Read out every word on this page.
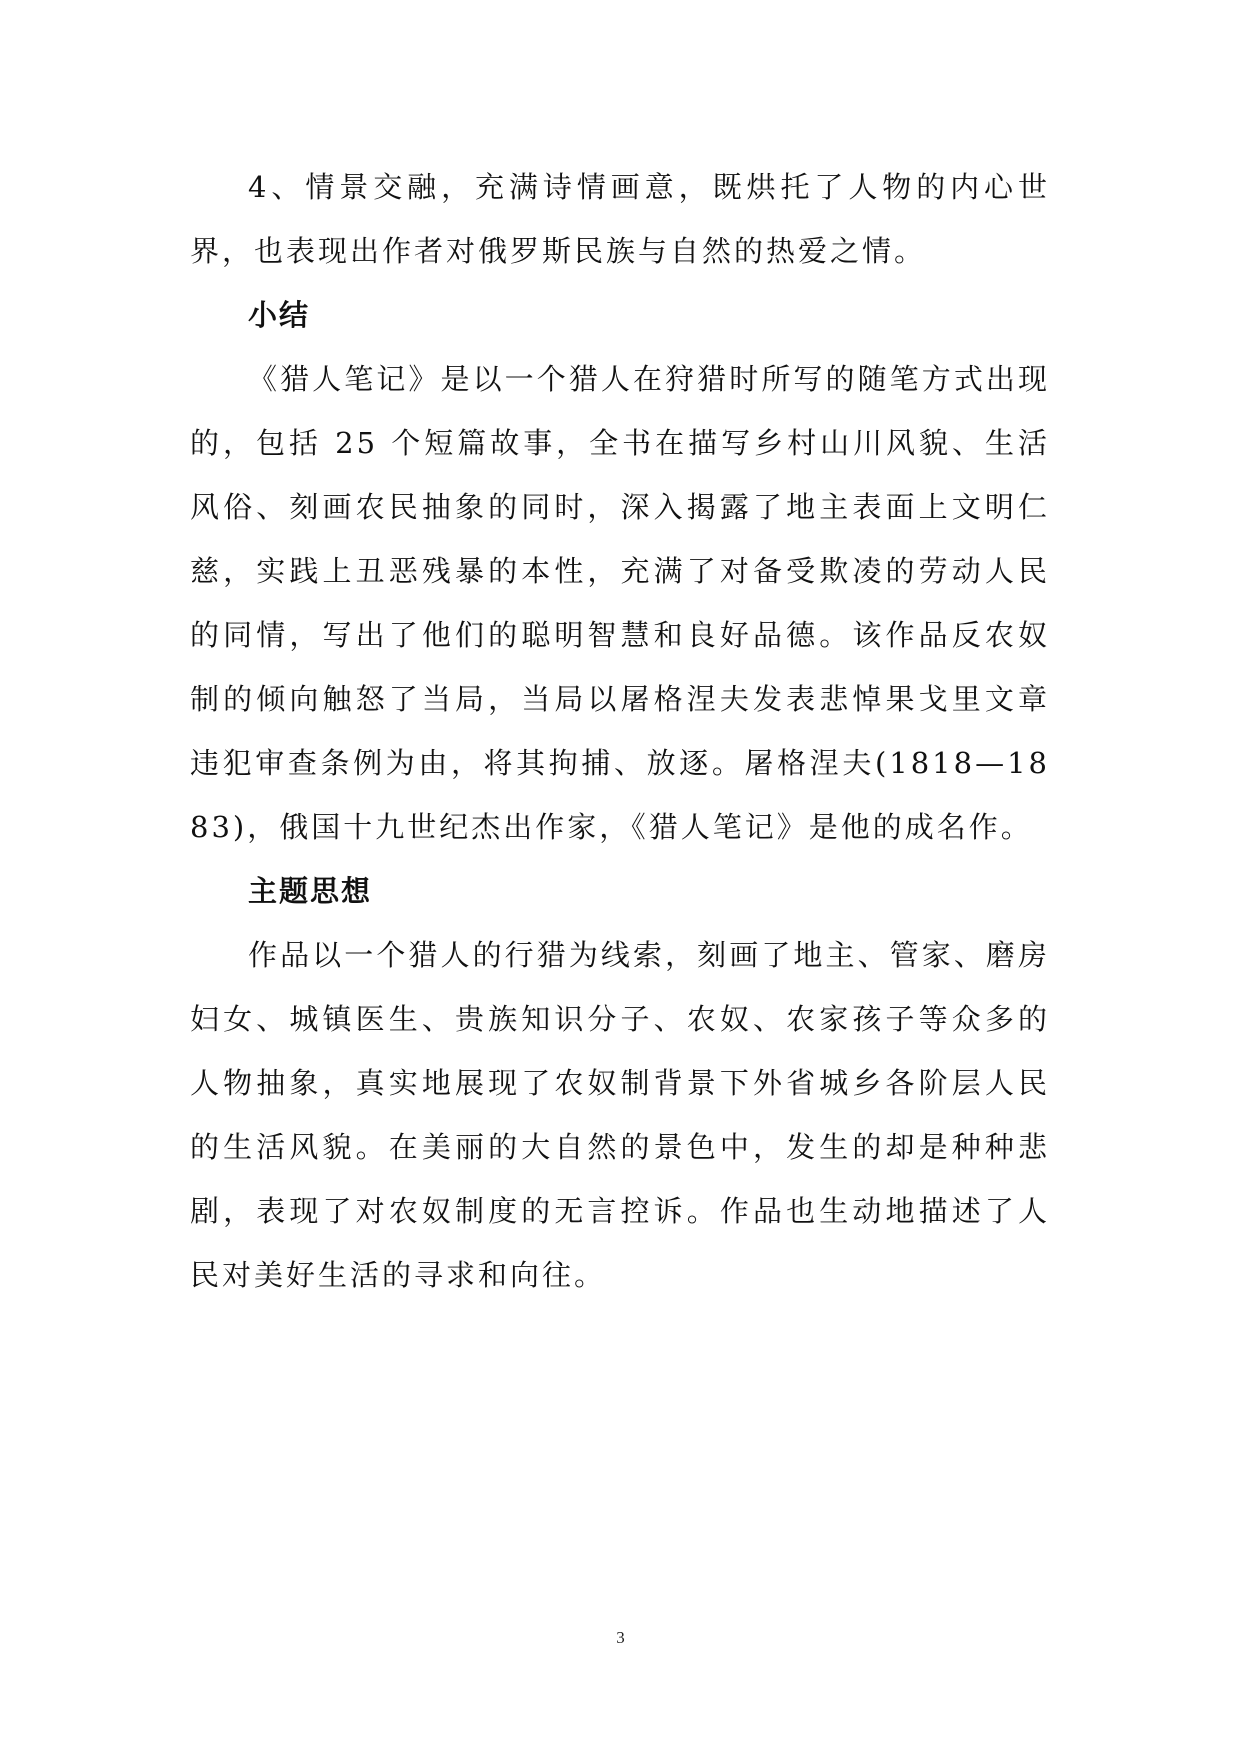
4、情景交融，充满诗情画意，既烘托了人物的内心世界，也表现出作者对俄罗斯民族与自然的热爱之情。

小结

《猎人笔记》是以一个猎人在狩猎时所写的随笔方式出现的，包括 25 个短篇故事，全书在描写乡村山川风貌、生活风俗、刻画农民抽象的同时，深入揭露了地主表面上文明仁慈，实践上丑恶残暴的本性，充满了对备受欺凌的劳动人民的同情，写出了他们的聪明智慧和良好品德。该作品反农奴制的倾向触怒了当局，当局以屠格涅夫发表悲悼果戈里文章违犯审查条例为由，将其拘捕、放逐。屠格涅夫(1818—1883)，俄国十九世纪杰出作家，《猎人笔记》是他的成名作。

主题思想

作品以一个猎人的行猎为线索，刻画了地主、管家、磨房妇女、城镇医生、贵族知识分子、农奴、农家孩子等众多的人物抽象，真实地展现了农奴制背景下外省城乡各阶层人民的生活风貌。在美丽的大自然的景色中，发生的却是种种悲剧，表现了对农奴制度的无言控诉。作品也生动地描述了人民对美好生活的寻求和向往。

3
